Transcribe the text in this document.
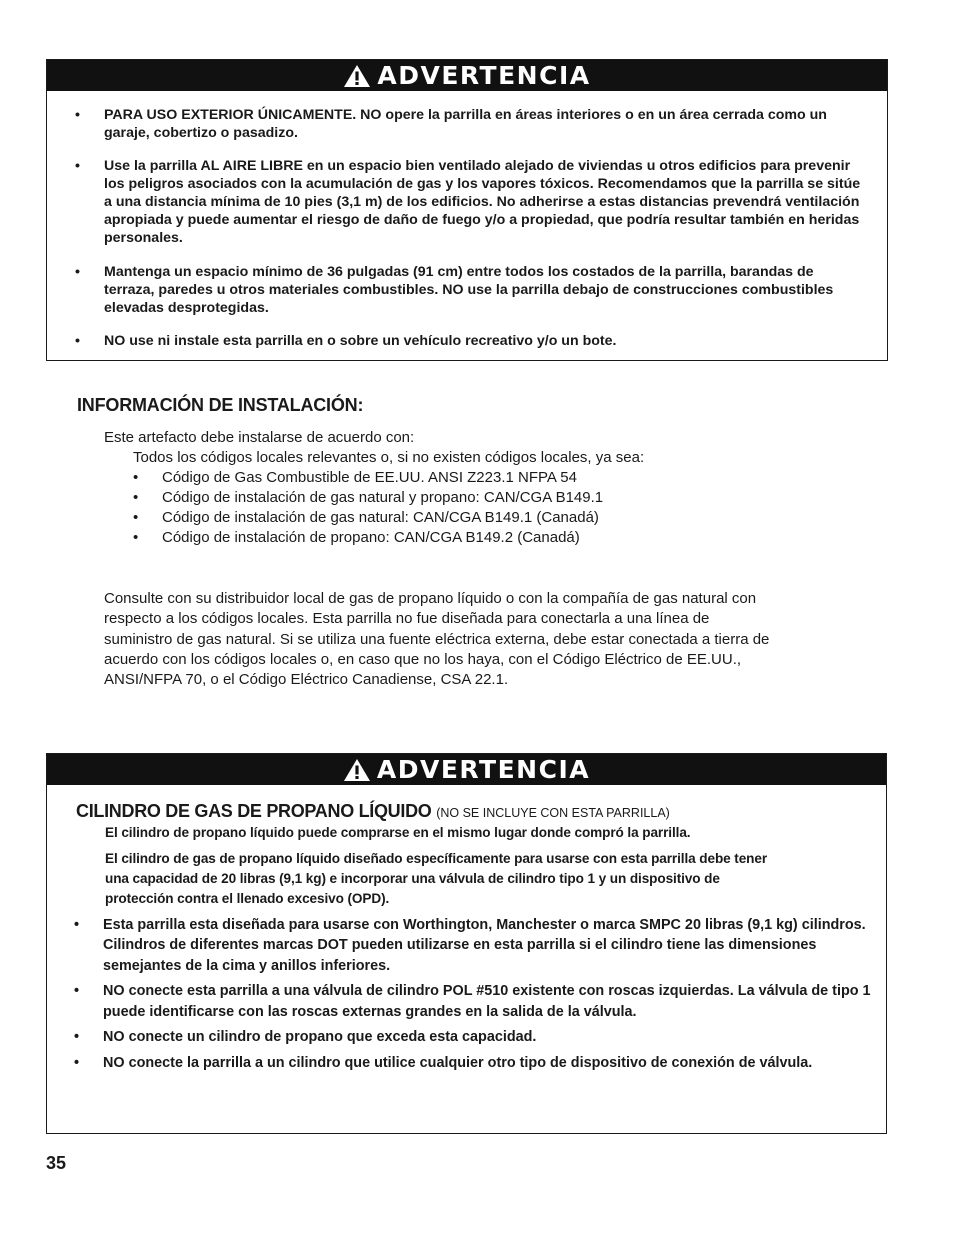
ADVERTENCIA
• PARA USO EXTERIOR ÚNICAMENTE. NO opere la parrilla en áreas interiores o en un área cerrada como un garaje, cobertizo o pasadizo.
• Use la parrilla AL AIRE LIBRE en un espacio bien ventilado alejado de viviendas u otros edificios para prevenir los peligros asociados con la acumulación de gas y los vapores tóxicos. Recomendamos que la parrilla se sitúe a una distancia mínima de 10 pies (3,1 m) de los edificios. No adherirse a estas distancias prevendrá ventilación apropiada y puede aumentar el riesgo de daño de fuego y/o a propiedad, que podría resultar también en heridas personales.
• Mantenga un espacio mínimo de 36 pulgadas (91 cm) entre todos los costados de la parrilla, barandas de terraza, paredes u otros materiales combustibles. NO use la parrilla debajo de construcciones combustibles elevadas desprotegidas.
• NO use ni instale esta parrilla en o sobre un vehículo recreativo y/o un bote.
INFORMACIÓN DE INSTALACIÓN:
Este artefacto debe instalarse de acuerdo con:
Todos los códigos locales relevantes o, si no existen códigos locales, ya sea:
• Código de Gas Combustible de EE.UU. ANSI Z223.1 NFPA 54
• Código de instalación de gas natural y propano: CAN/CGA B149.1
• Código de instalación de gas natural: CAN/CGA B149.1 (Canadá)
• Código de instalación de propano: CAN/CGA B149.2 (Canadá)
Consulte con su distribuidor local de gas de propano líquido o con la compañía de gas natural con
respecto a los códigos locales. Esta parrilla no fue diseñada para conectarla a una línea de
suministro de gas natural. Si se utiliza una fuente eléctrica externa, debe estar conectada a tierra de
acuerdo con los códigos locales o, en caso que no los haya, con el Código Eléctrico de EE.UU.,
ANSI/NFPA 70, o el Código Eléctrico Canadiense, CSA 22.1.
ADVERTENCIA
CILINDRO DE GAS DE PROPANO LÍQUIDO (NO SE INCLUYE CON ESTA PARRILLA)
El cilindro de propano líquido puede comprarse en el mismo lugar donde compró la parrilla.
El cilindro de gas de propano líquido diseñado específicamente para usarse con esta parrilla debe tener
una capacidad de 20 libras (9,1 kg) e incorporar una válvula de cilindro tipo 1 y un dispositivo de
protección contra el llenado excesivo (OPD).
• Esta parrilla esta diseñada para usarse con Worthington, Manchester o marca SMPC 20 libras (9,1 kg) cilindros. Cilindros de diferentes marcas DOT pueden utilizarse en esta parrilla si el cilindro tiene las dimensiones semejantes de la cima y anillos inferiores.
• NO conecte esta parrilla a una válvula de cilindro POL #510 existente con roscas izquierdas. La válvula de tipo 1 puede identificarse con las roscas externas grandes en la salida de la válvula.
• NO conecte un cilindro de propano que exceda esta capacidad.
• NO conecte la parrilla a un cilindro que utilice cualquier otro tipo de dispositivo de conexión de válvula.
35
